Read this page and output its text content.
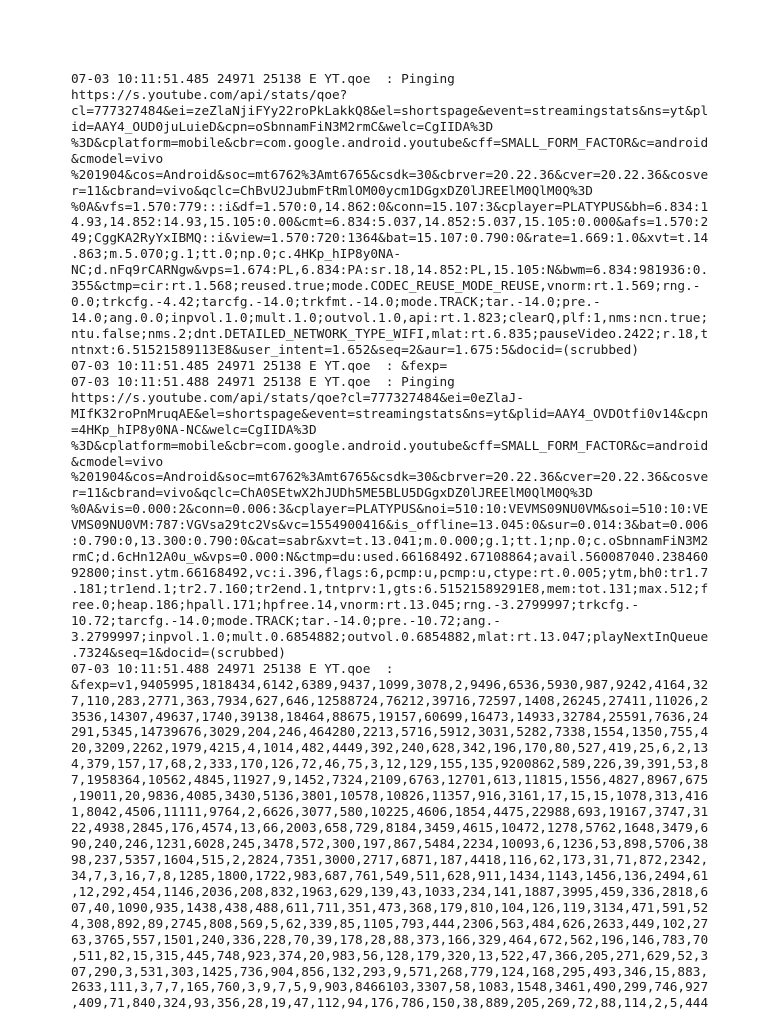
07-03 10:11:51.485 24971 25138 E YT.qoe  : Pinging
https://s.youtube.com/api/stats/qoe?
cl=777327484&ei=zeZlaNjiFYy22roPkLakkQ8&el=shortspage&event=streamingstats&ns=yt&pl
id=AAY4_OUD0juLuieD&cpn=oSbnnamFiN3M2rmC&welc=CgIIDA%3D
%3D&cplatform=mobile&cbr=com.google.android.youtube&cff=SMALL_FORM_FACTOR&c=android
&cmodel=vivo
%201904&cos=Android&soc=mt6762%3Amt6765&csdk=30&cbrver=20.22.36&cver=20.22.36&cosve
r=11&cbrand=vivo&qclc=ChBvU2JubmFtRmlOM00ycm1DGgxDZ0lJREElM0QlM0Q%3D
%0A&vfs=1.570:779:::i&df=1.570:0,14.862:0&conn=15.107:3&cplayer=PLATYPUS&bh=6.834:1
4.93,14.852:14.93,15.105:0.00&cmt=6.834:5.037,14.852:5.037,15.105:0.000&afs=1.570:2
49;CggKA2RyYxIBMQ::i&view=1.570:720:1364&bat=15.107:0.790:0&rate=1.669:1.0&xvt=t.14
.863;m.5.070;g.1;tt.0;np.0;c.4HKp_hIP8y0NA-
NC;d.nFq9rCARNgw&vps=1.674:PL,6.834:PA:sr.18,14.852:PL,15.105:N&bwm=6.834:981936:0.
355&ctmp=cir:rt.1.568;reused.true;mode.CODEC_REUSE_MODE_REUSE,vnorm:rt.1.569;rng.-
0.0;trkcfg.-4.42;tarcfg.-14.0;trkfmt.-14.0;mode.TRACK;tar.-14.0;pre.-
14.0;ang.0.0;inpvol.1.0;mult.1.0;outvol.1.0,api:rt.1.823;clearQ,plf:1,nms:ncn.true;
ntu.false;nms.2;dnt.DETAILED_NETWORK_TYPE_WIFI,mlat:rt.6.835;pauseVideo.2422;r.18,t
ntnxt:6.51521589113E8&user_intent=1.652&seq=2&aur=1.675:5&docid=(scrubbed)
07-03 10:11:51.485 24971 25138 E YT.qoe  : &fexp=
07-03 10:11:51.488 24971 25138 E YT.qoe  : Pinging
https://s.youtube.com/api/stats/qoe?cl=777327484&ei=0eZlaJ-
MIfK32roPnMruqAE&el=shortspage&event=streamingstats&ns=yt&plid=AAY4_OVDOtfi0v14&cpn
=4HKp_hIP8y0NA-NC&welc=CgIIDA%3D
%3D&cplatform=mobile&cbr=com.google.android.youtube&cff=SMALL_FORM_FACTOR&c=android
&cmodel=vivo
%201904&cos=Android&soc=mt6762%3Amt6765&csdk=30&cbrver=20.22.36&cver=20.22.36&cosve
r=11&cbrand=vivo&qclc=ChA0SEtwX2hJUDh5ME5BLU5DGgxDZ0lJREElM0QlM0Q%3D
%0A&vis=0.000:2&conn=0.006:3&cplayer=PLATYPUS&noi=510:10:VEVMS09NU0VM&soi=510:10:VE
VMS09NU0VM:787:VGVsa29tc2Vs&vc=1554900416&is_offline=13.045:0&sur=0.014:3&bat=0.006
:0.790:0,13.300:0.790:0&cat=sabr&xvt=t.13.041;m.0.000;g.1;tt.1;np.0;c.oSbnnamFiN3M2
rmC;d.6cHn12A0u_w&vps=0.000:N&ctmp=du:used.66168492.67108864;avail.560087040.238460
92800;inst.ytm.66168492,vc:i.396,flags:6,pcmp:u,pcmp:u,ctype:rt.0.005;ytm,bh0:tr1.7
.181;tr1end.1;tr2.7.160;tr2end.1,tntprv:1,gts:6.51521589291E8,mem:tot.131;max.512;f
ree.0;heap.186;hpall.171;hpfree.14,vnorm:rt.13.045;rng.-3.2799997;trkcfg.-
10.72;tarcfg.-14.0;mode.TRACK;tar.-14.0;pre.-10.72;ang.-
3.2799997;inpvol.1.0;mult.0.6854882;outvol.0.6854882,mlat:rt.13.047;playNextInQueue
.7324&seq=1&docid=(scrubbed)
07-03 10:11:51.488 24971 25138 E YT.qoe  :
&fexp=v1,9405995,1818434,6142,6389,9437,1099,3078,2,9496,6536,5930,987,9242,4164,32
7,110,283,2771,363,7934,627,646,12588724,76212,39716,72597,1408,26245,27411,11026,2
3536,14307,49637,1740,39138,18464,88675,19157,60699,16473,14933,32784,25591,7636,24
291,5345,14739676,3029,204,246,464280,2213,5716,5912,3031,5282,7338,1554,1350,755,4
20,3209,2262,1979,4215,4,1014,482,4449,392,240,628,342,196,170,80,527,419,25,6,2,13
4,379,157,17,68,2,333,170,126,72,46,75,3,12,129,155,135,9200862,589,226,39,391,53,8
7,1958364,10562,4845,11927,9,1452,7324,2109,6763,12701,613,11815,1556,4827,8967,675
,19011,20,9836,4085,3430,5136,3801,10578,10826,11357,916,3161,17,15,15,1078,313,416
1,8042,4506,11111,9764,2,6626,3077,580,10225,4606,1854,4475,22988,693,19167,3747,31
22,4938,2845,176,4574,13,66,2003,658,729,8184,3459,4615,10472,1278,5762,1648,3479,6
90,240,246,1231,6028,245,3478,572,300,197,867,5484,2234,10093,6,1236,53,898,5706,38
98,237,5357,1604,515,2,2824,7351,3000,2717,6871,187,4418,116,62,173,31,71,872,2342,
34,7,3,16,7,8,1285,1800,1722,983,687,761,549,511,628,911,1434,1143,1456,136,2494,61
,12,292,454,1146,2036,208,832,1963,629,139,43,1033,234,141,1887,3995,459,336,2818,6
07,40,1090,935,1438,438,488,611,711,351,473,368,179,810,104,126,119,3134,471,591,52
4,308,892,89,2745,808,569,5,62,339,85,1105,793,444,2306,563,484,626,2633,449,102,27
63,3765,557,1501,240,336,228,70,39,178,28,88,373,166,329,464,672,562,196,146,783,70
,511,82,15,315,445,748,923,374,20,983,56,128,179,320,13,522,47,366,205,271,629,52,3
07,290,3,531,303,1425,736,904,856,132,293,9,571,268,779,124,168,295,493,346,15,883,
2633,111,3,7,7,165,760,3,9,7,5,9,903,8466103,3307,58,1083,1548,3461,490,299,746,927
,409,71,840,324,93,356,28,19,47,112,94,176,786,150,38,889,205,269,72,88,114,2,5,444
